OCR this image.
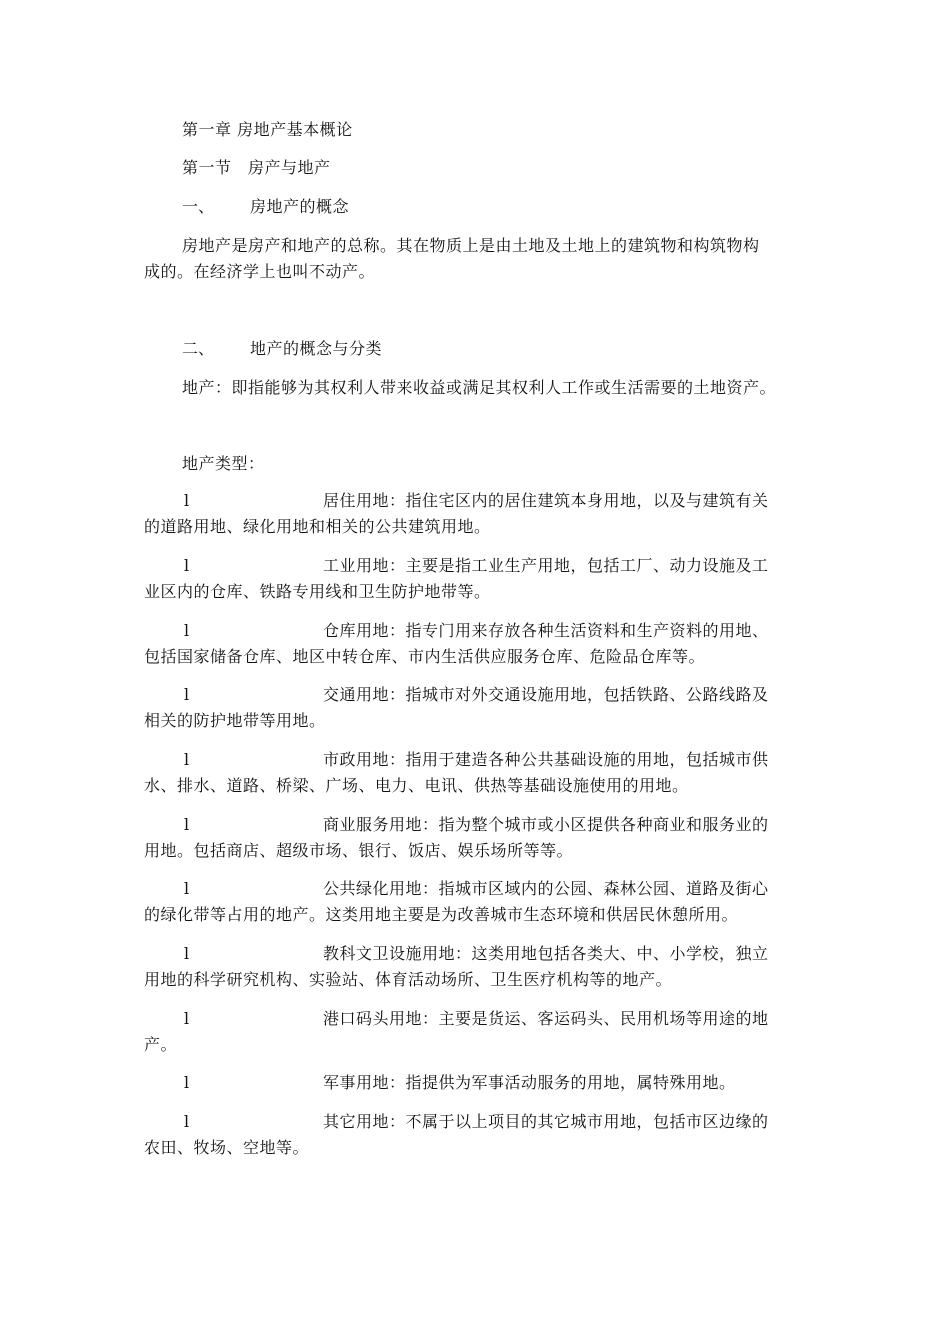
第一章 房地产基本概论
第一节　房产与地产
一、 房地产的概念
房地产是房产和地产的总称。其在物质上是由土地及土地上的建筑物和构筑物构
成的。在经济学上也叫不动产。
二、 地产的概念与分类
地产：即指能够为其权利人带来收益或满足其权利人工作或生活需要的土地资产。
地产类型：
l	居住用地：指住宅区内的居住建筑本身用地，以及与建筑有关
的道路用地、绿化用地和相关的公共建筑用地。
l	工业用地：主要是指工业生产用地，包括工厂、动力设施及工
业区内的仓库、铁路专用线和卫生防护地带等。
l	仓库用地：指专门用来存放各种生活资料和生产资料的用地、
包括国家储备仓库、地区中转仓库、市内生活供应服务仓库、危险品仓库等。
l	交通用地：指城市对外交通设施用地，包括铁路、公路线路及
相关的防护地带等用地。
l	市政用地：指用于建造各种公共基础设施的用地，包括城市供
水、排水、道路、桥梁、广场、电力、电讯、供热等基础设施使用的用地。
l	商业服务用地：指为整个城市或小区提供各种商业和服务业的
用地。包括商店、超级市场、银行、饭店、娱乐场所等等。
l	公共绿化用地：指城市区域内的公园、森林公园、道路及街心
的绿化带等占用的地产。这类用地主要是为改善城市生态环境和供居民休憩所用。
l	教科文卫设施用地：这类用地包括各类大、中、小学校，独立
用地的科学研究机构、实验站、体育活动场所、卫生医疗机构等的地产。
l	港口码头用地：主要是货运、客运码头、民用机场等用途的地
产。
l	军事用地：指提供为军事活动服务的用地，属特殊用地。
l	其它用地：不属于以上项目的其它城市用地，包括市区边缘的
农田、牧场、空地等。
